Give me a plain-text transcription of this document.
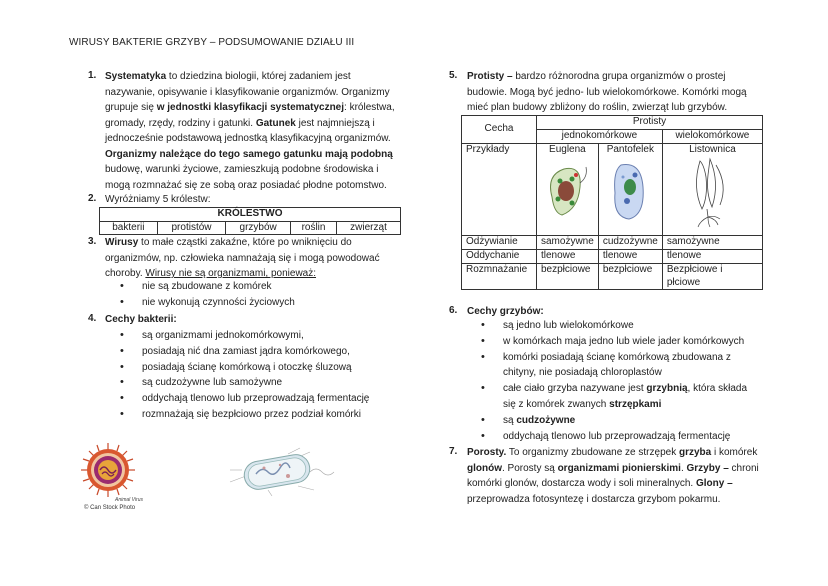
WIRUSY BAKTERIE GRZYBY – PODSUMOWANIE DZIAŁU III
1. Systematyka to dziedzina biologii, której zadaniem jest nazywanie, opisywanie i klasyfikowanie organizmów. Organizmy grupuje się w jednostki klasyfikacji systematycznej: królestwa, gromady, rzędy, rodziny i gatunki. Gatunek jest najmniejszą i jednocześnie podstawową jednostką klasyfikacyjną organizmów. Organizmy należące do tego samego gatunku mają podobną budowę, warunki życiowe, zamieszkują podobne środowiska i mogą rozmnażać się ze sobą oraz posiadać płodne potomstwo.
2. Wyróżniamy 5 królestw:
KRÓLESTWO
bakterii	protistów	grzybów	roślin	zwierząt
3. Wirusy to małe cząstki zakaźne, które po wniknięciu do organizmów, np. człowieka namnażają się i mogą powodować choroby. Wirusy nie są organizmami, ponieważ:
• nie są zbudowane z komórek
• nie wykonują czynności życiowych
4. Cechy bakterii:
• są organizmami jednokomórkowymi,
• posiadają nić dna zamiast jądra komórkowego,
• posiadają ścianę komórkową i otoczkę śluzową
• są cudzożywne lub samożywne
• oddychają tlenowo lub przeprowadzają fermentację
• rozmnażają się bezpłciowo przez podział komórki
Animal Virus
© Can Stock Photo
5. Protisty – bardzo różnorodna grupa organizmów o prostej budowie. Mogą być jedno- lub wielokomórkowe. Komórki mogą mieć plan budowy zbliżony do roślin, zwierząt lub grzybów.
Cecha	Protisty		
	jednokomórkowe		wielokomórkowe
Przykłady	Euglena	Pantofelek	Listownica

Odżywianie	samożywne	cudzożywne	samożywne
Oddychanie	tlenowe	tlenowe	tlenowe
Rozmnażanie	bezpłciowe	bezpłciowe	Bezpłciowe i płciowe
6. Cechy grzybów:
• są jedno lub wielokomórkowe
• w komórkach maja jedno lub wiele jader komórkowych
• komórki posiadają ścianę komórkową zbudowana z chityny, nie posiadają chloroplastów
• całe ciało grzyba nazywane jest grzybnią, która składa się z komórek zwanych strzępkami
• są cudzożywne
• oddychają tlenowo lub przeprowadzają fermentację
7. Porosty. To organizmy zbudowane ze strzępek grzyba i komórek glonów. Porosty są organizmami pionierskimi. Grzyby – chroni komórki glonów, dostarcza wody i soli mineralnych. Glony – przeprowadza fotosyntezę i dostarcza grzybom pokarmu.
